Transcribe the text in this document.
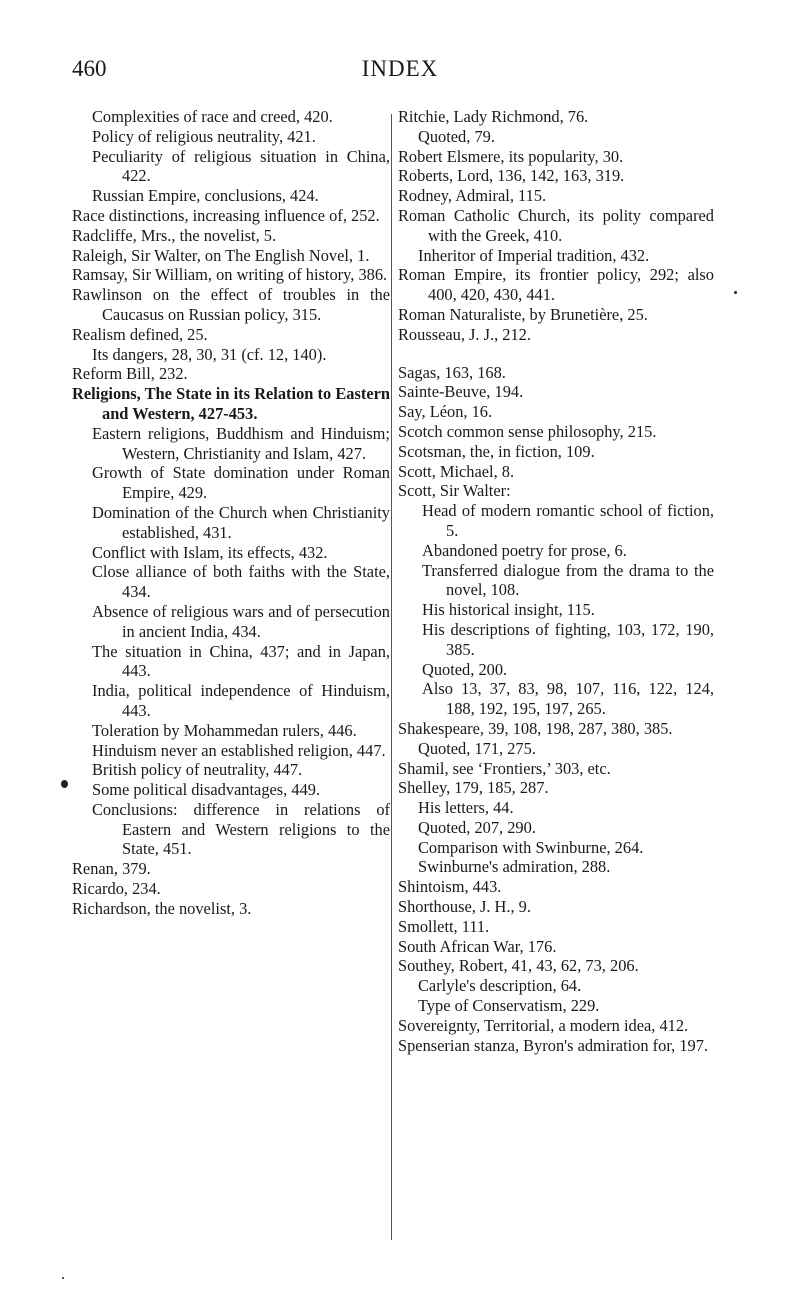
460	INDEX

Complexities of race and creed, 420.

Policy of religious neutrality, 421.

Peculiarity of religious situation in China, 422.

Russian Empire, conclusions, 424.

Race distinctions, increasing influence of, 252.

Radcliffe, Mrs., the novelist, 5.

Raleigh, Sir Walter, on The English Novel, 1.

Ramsay, Sir William, on writing of history, 386.

Rawlinson on the effect of troubles in the Caucasus on Russian policy, 315.

Realism defined, 25.

Its dangers, 28, 30, 31 (cf. 12, 140).

Reform Bill, 232.

Religions, The State in its Relation to Eastern and Western, 427-453.

Eastern religions, Buddhism and Hinduism; Western, Christianity and Islam, 427.

Growth of State domination under Roman Empire, 429.

Domination of the Church when Christianity established, 431.

Conflict with Islam, its effects, 432.

Close alliance of both faiths with the State, 434.

Absence of religious wars and of persecution in ancient India, 434.

The situation in China, 437; and in Japan, 443.

India, political independence of Hinduism, 443.

Toleration by Mohammedan rulers, 446.

Hinduism never an established religion, 447.

British policy of neutrality, 447.

Some political disadvantages, 449.

Conclusions: difference in relations of Eastern and Western religions to the State, 451.

Renan, 379.

Ricardo, 234.

Richardson, the novelist, 3.

Ritchie, Lady Richmond, 76.

Quoted, 79.

Robert Elsmere, its popularity, 30.

Roberts, Lord, 136, 142, 163, 319.

Rodney, Admiral, 115.

Roman Catholic Church, its polity compared with the Greek, 410.

Inheritor of Imperial tradition, 432.

Roman Empire, its frontier policy, 292; also 400, 420, 430, 441.

Roman Naturaliste, by Brunetière, 25.

Rousseau, J. J., 212.

Sagas, 163, 168.

Sainte-Beuve, 194.

Say, Léon, 16.

Scotch common sense philosophy, 215.

Scotsman, the, in fiction, 109.

Scott, Michael, 8.

Scott, Sir Walter:

Head of modern romantic school of fiction, 5.

Abandoned poetry for prose, 6.

Transferred dialogue from the drama to the novel, 108.

His historical insight, 115.

His descriptions of fighting, 103, 172, 190, 385.

Quoted, 200.

Also 13, 37, 83, 98, 107, 116, 122, 124, 188, 192, 195, 197, 265.

Shakespeare, 39, 108, 198, 287, 380, 385.

Quoted, 171, 275.

Shamil, see ‘Frontiers,’ 303, etc.

Shelley, 179, 185, 287.

His letters, 44.

Quoted, 207, 290.

Comparison with Swinburne, 264.

Swinburne's admiration, 288.

Shintoism, 443.

Shorthouse, J. H., 9.

Smollett, 111.

South African War, 176.

Southey, Robert, 41, 43, 62, 73, 206.

Carlyle's description, 64.

Type of Conservatism, 229.

Sovereignty, Territorial, a modern idea, 412.

Spenserian stanza, Byron's admiration for, 197.
